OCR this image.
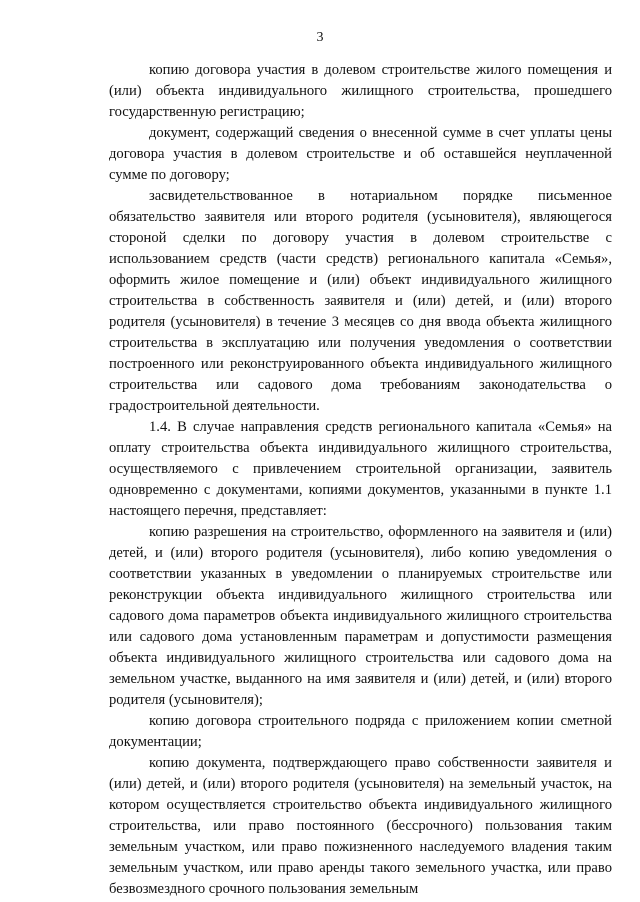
3

копию договора участия в долевом строительстве жилого помещения и (или) объекта индивидуального жилищного строительства, прошедшего государственную регистрацию;

документ, содержащий сведения о внесенной сумме в счет уплаты цены договора участия в долевом строительстве и об оставшейся неуплаченной сумме по договору;

засвидетельствованное в нотариальном порядке письменное обязательство заявителя или второго родителя (усыновителя), являющегося стороной сделки по договору участия в долевом строительстве с использованием средств (части средств) регионального капитала «Семья», оформить жилое помещение и (или) объект индивидуального жилищного строительства в собственность заявителя и (или) детей, и (или) второго родителя (усыновителя) в течение 3 месяцев со дня ввода объекта жилищного строительства в эксплуатацию или получения уведомления о соответствии построенного или реконструированного объекта индивидуального жилищного строительства или садового дома требованиям законодательства о градостроительной деятельности.

1.4. В случае направления средств регионального капитала «Семья» на оплату строительства объекта индивидуального жилищного строительства, осуществляемого с привлечением строительной организации, заявитель одновременно с документами, копиями документов, указанными в пункте 1.1 настоящего перечня, представляет:

копию разрешения на строительство, оформленного на заявителя и (или) детей, и (или) второго родителя (усыновителя), либо копию уведомления о соответствии указанных в уведомлении о планируемых строительстве или реконструкции объекта индивидуального жилищного строительства или садового дома параметров объекта индивидуального жилищного строительства или садового дома установленным параметрам и допустимости размещения объекта индивидуального жилищного строительства или садового дома на земельном участке, выданного на имя заявителя и (или) детей, и (или) второго родителя (усыновителя);

копию договора строительного подряда с приложением копии сметной документации;

копию документа, подтверждающего право собственности заявителя и (или) детей, и (или) второго родителя (усыновителя) на земельный участок, на котором осуществляется строительство объекта индивидуального жилищного строительства, или право постоянного (бессрочного) пользования таким земельным участком, или право пожизненного наследуемого владения таким земельным участком, или право аренды такого земельного участка, или право безвозмездного срочного пользования земельным
